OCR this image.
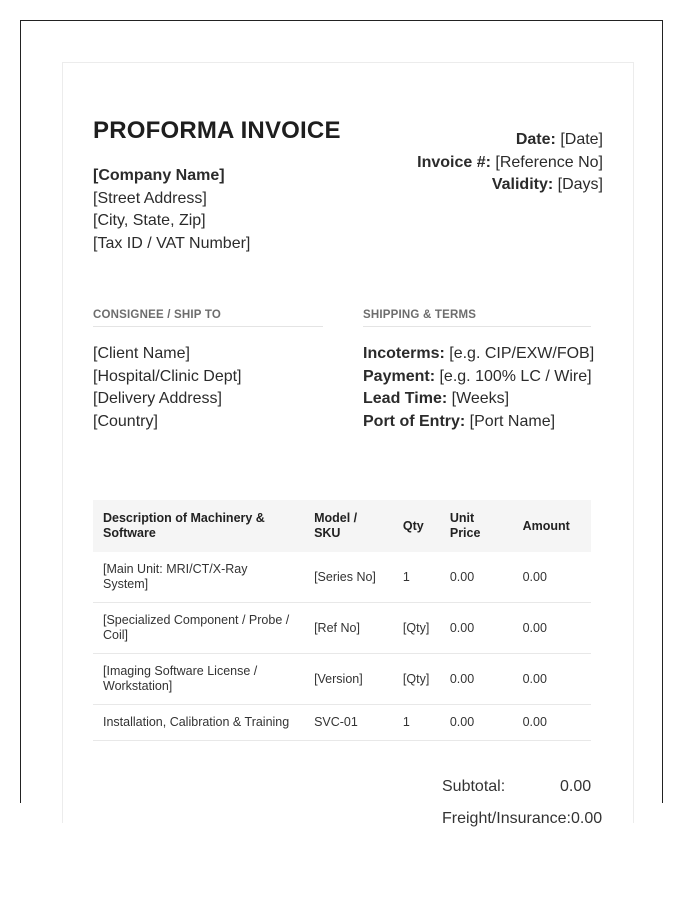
PROFORMA INVOICE
[Company Name]
[Street Address]
[City, State, Zip]
[Tax ID / VAT Number]
Date: [Date]
Invoice #: [Reference No]
Validity: [Days]
CONSIGNEE / SHIP TO	SHIPPING & TERMS
[Client Name]
[Hospital/Clinic Dept]
[Delivery Address]
[Country]
Incoterms: [e.g. CIP/EXW/FOB]
Payment: [e.g. 100% LC / Wire]
Lead Time: [Weeks]
Port of Entry: [Port Name]
Description of Machinery & Software	Model / SKU	Qty	Unit Price	Amount
[Main Unit: MRI/CT/X-Ray System]	[Series No]	1	0.00	0.00
[Specialized Component / Probe / Coil]	[Ref No]	[Qty]	0.00	0.00
[Imaging Software License / Workstation]	[Version]	[Qty]	0.00	0.00
Installation, Calibration & Training	SVC-01	1	0.00	0.00
Subtotal:	0.00
Freight/Insurance: 0.00
